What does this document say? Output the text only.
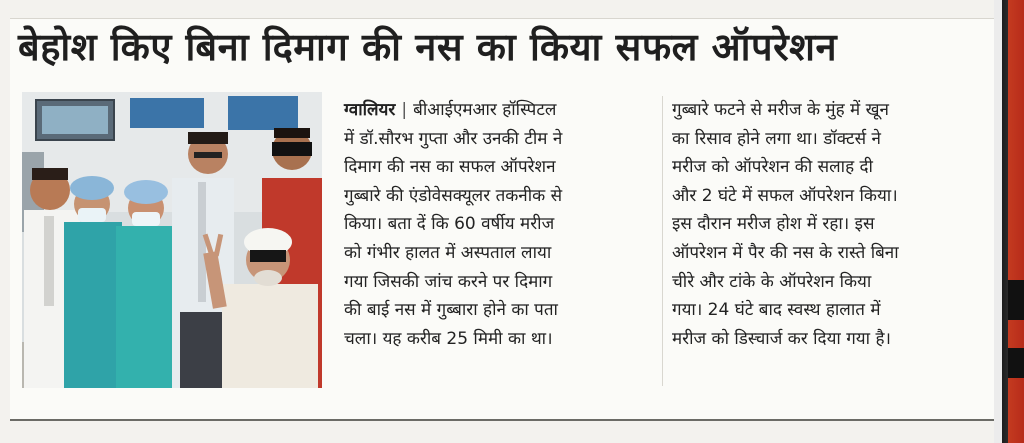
बेहोश किए बिना दिमाग की नस का किया सफल ऑपरेशन
ग्वालियर | बीआईएमआर हॉस्पिटल
में डॉ.सौरभ गुप्ता और उनकी टीम ने
दिमाग की नस का सफल ऑपरेशन
गुब्बारे की एंडोवेसक्यूलर तकनीक से
किया। बता दें कि 60 वर्षीय मरीज
को गंभीर हालत में अस्पताल लाया
गया जिसकी जांच करने पर दिमाग
की बाई नस में गुब्बारा होने का पता
चला। यह करीब 25 मिमी का था।
गुब्बारे फटने से मरीज के मुंह में खून
का रिसाव होने लगा था। डॉक्टर्स ने
मरीज को ऑपरेशन की सलाह दी
और 2 घंटे में सफल ऑपरेशन किया।
इस दौरान मरीज होश में रहा। इस
ऑपरेशन में पैर की नस के रास्ते बिना
चीरे और टांके के ऑपरेशन किया
गया। 24 घंटे बाद स्वस्थ हालात में
मरीज को डिस्चार्ज कर दिया गया है।
